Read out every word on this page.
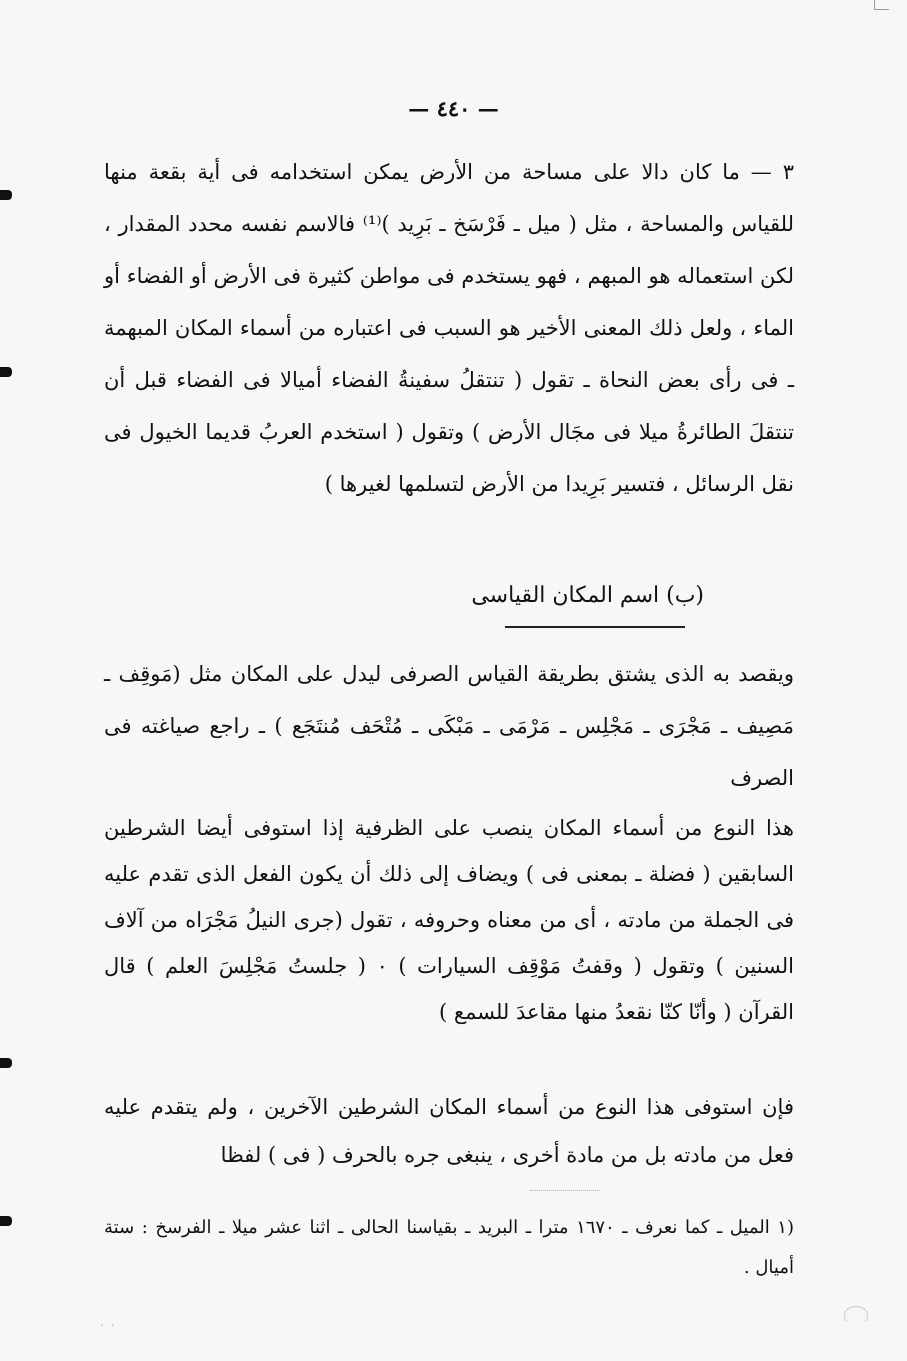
— ٤٤٠ —

٣ — ما كان دالا على مساحة من الأرض يمكن استخدامه فى أية بقعة منها للقياس والمساحة ، مثل ( ميل ـ فَرْسَخ ـ بَرِيد )⁽¹⁾ فالاسم نفسه محدد المقدار ، لكن استعماله هو المبهم ، فهو يستخدم فى مواطن كثيرة فى الأرض أو الفضاء أو الماء ، ولعل ذلك المعنى الأخير هو السبب فى اعتباره من أسماء المكان المبهمة ـ فى رأى بعض النحاة ـ تقول ( تنتقلُ سفينةُ الفضاء أميالا فى الفضاء قبل أن تنتقلَ الطائرةُ ميلا فى مجَال الأرض ) وتقول ( استخدم العربُ قديما الخيول فى نقل الرسائل ، فتسير بَرِيدا من الأرض لتسلمها لغيرها )

(ب) اسم المكان القياسى

ويقصد به الذى يشتق بطريقة القياس الصرفى ليدل على المكان مثل (مَوقِف ـ مَصِيف ـ مَجْرَى ـ مَجْلِس ـ مَرْمَى ـ مَبْكَى ـ مُتْحَف مُنتَجَع ) ـ راجع صياغته فى الصرف

هذا النوع من أسماء المكان ينصب على الظرفية إذا استوفى أيضا الشرطين السابقين ( فضلة ـ بمعنى فى ) ويضاف إلى ذلك أن يكون الفعل الذى تقدم عليه فى الجملة من مادته ، أى من معناه وحروفه ، تقول (جرى النيلُ مَجْرَاه من آلاف السنين ) وتقول ( وقفتُ مَوْقِف السيارات ) ٠ ( جلستُ مَجْلِسَ العلم ) قال القرآن ( وأنّا كنّا نقعدُ منها مقاعدَ للسمع )

فإن استوفى هذا النوع من أسماء المكان الشرطين الآخرين ، ولم يتقدم عليه فعل من مادته بل من مادة أخرى ، ينبغى جره بالحرف ( فى ) لفظا

(١ الميل ـ كما نعرف ـ ١٦٧٠ مترا ـ البريد ـ بقياسنا الحالى ـ اثنا عشر ميلا ـ الفرسخ : ستة أميال .

. .
